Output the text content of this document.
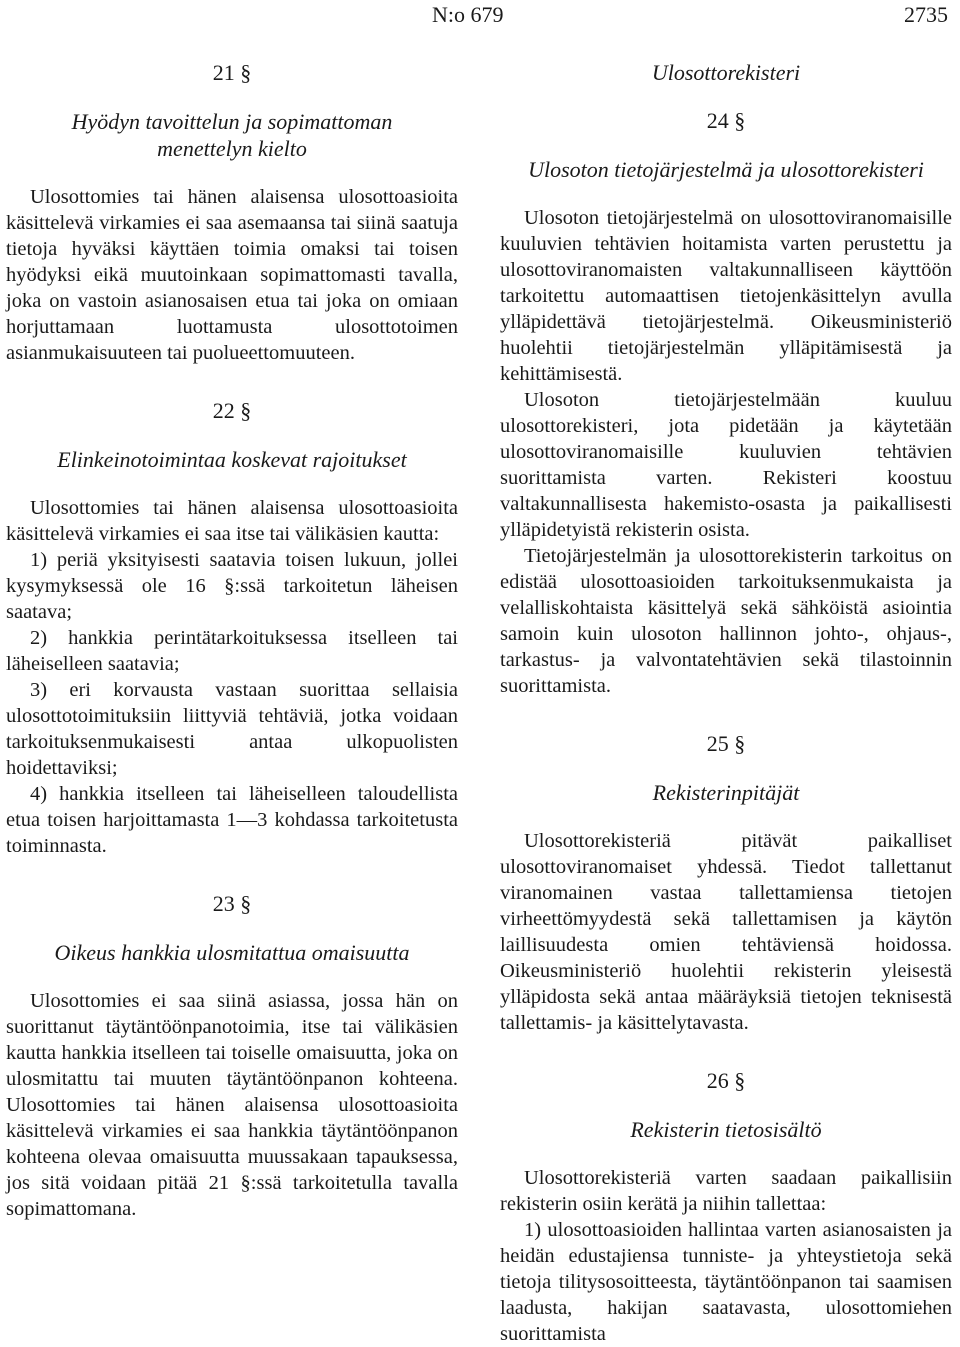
N:o 679	2735
21 §
Hyödyn tavoittelun ja sopimattoman
menettelyn kielto

Ulosottomies tai hänen alaisensa ulosottoasioita käsittelevä virkamies ei saa asemaansa tai siinä saatuja tietoja hyväksi käyttäen toimia omaksi tai toisen hyödyksi eikä muutoinkaan sopimattomasti tavalla, joka on vastoin asianosaisen etua tai joka on omiaan horjuttamaan luottamusta ulosottotoimen asianmukaisuuteen tai puolueettomuuteen.

22 §
Elinkeinotoimintaa koskevat rajoitukset

Ulosottomies tai hänen alaisensa ulosottoasioita käsittelevä virkamies ei saa itse tai välikäsien kautta:

1) periä yksityisesti saatavia toisen lukuun, jollei kysymyksessä ole 16 §:ssä tarkoitetun läheisen saatava;

2) hankkia perintätarkoituksessa itselleen tai läheiselleen saatavia;

3) eri korvausta vastaan suorittaa sellaisia ulosottotoimituksiin liittyviä tehtäviä, jotka voidaan tarkoituksenmukaisesti antaa ulkopuolisten hoidettaviksi;

4) hankkia itselleen tai läheiselleen taloudellista etua toisen harjoittamasta 1—3 kohdassa tarkoitetusta toiminnasta.

23 §
Oikeus hankkia ulosmitattua omaisuutta

Ulosottomies ei saa siinä asiassa, jossa hän on suorittanut täytäntöönpanotoimia, itse tai välikäsien kautta hankkia itselleen tai toiselle omaisuutta, joka on ulosmitattu tai muuten täytäntöönpanon kohteena. Ulosottomies tai hänen alaisensa ulosottoasioita käsittelevä virkamies ei saa hankkia täytäntöönpanon kohteena olevaa omaisuutta muussakaan tapauksessa, jos sitä voidaan pitää 21 §:ssä tarkoitetulla tavalla sopimattomana.

Ulosottorekisteri
24 §
Ulosoton tietojärjestelmä ja ulosottorekisteri

Ulosoton tietojärjestelmä on ulosottoviranomaisille kuuluvien tehtävien hoitamista varten perustettu ja ulosottoviranomaisten valtakunnalliseen käyttöön tarkoitettu automaattisen tietojenkäsittelyn avulla ylläpidettävä tietojärjestelmä. Oikeusministeriö huolehtii tietojärjestelmän ylläpitämisestä ja kehittämisestä.

Ulosoton tietojärjestelmään kuuluu ulosottorekisteri, jota pidetään ja käytetään ulosottoviranomaisille kuuluvien tehtävien suorittamista varten. Rekisteri koostuu valtakunnallisesta hakemisto-osasta ja paikallisesti ylläpidetyistä rekisterin osista.

Tietojärjestelmän ja ulosottorekisterin tarkoitus on edistää ulosottoasioiden tarkoituksenmukaista ja velalliskohtaista käsittelyä sekä sähköistä asiointia samoin kuin ulosoton hallinnon johto-, ohjaus-, tarkastus- ja valvontatehtävien sekä tilastoinnin suorittamista.

25 §
Rekisterinpitäjät

Ulosottorekisteriä pitävät paikalliset ulosottoviranomaiset yhdessä. Tiedot tallettanut viranomainen vastaa tallettamiensa tietojen virheettömyydestä sekä tallettamisen ja käytön laillisuudesta omien tehtäviensä hoidossa. Oikeusministeriö huolehtii rekisterin yleisestä ylläpidosta sekä antaa määräyksiä tietojen teknisestä tallettamis- ja käsittelytavasta.

26 §
Rekisterin tietosisältö

Ulosottorekisteriä varten saadaan paikallisiin rekisterin osiin kerätä ja niihin tallettaa:

1) ulosottoasioiden hallintaa varten asianosaisten ja heidän edustajiensa tunniste- ja yhteystietoja sekä tietoja tilitysosoitteesta, täytäntöönpanon tai saamisen laadusta, hakijan saatavasta, ulosottomiehen suorittamista
